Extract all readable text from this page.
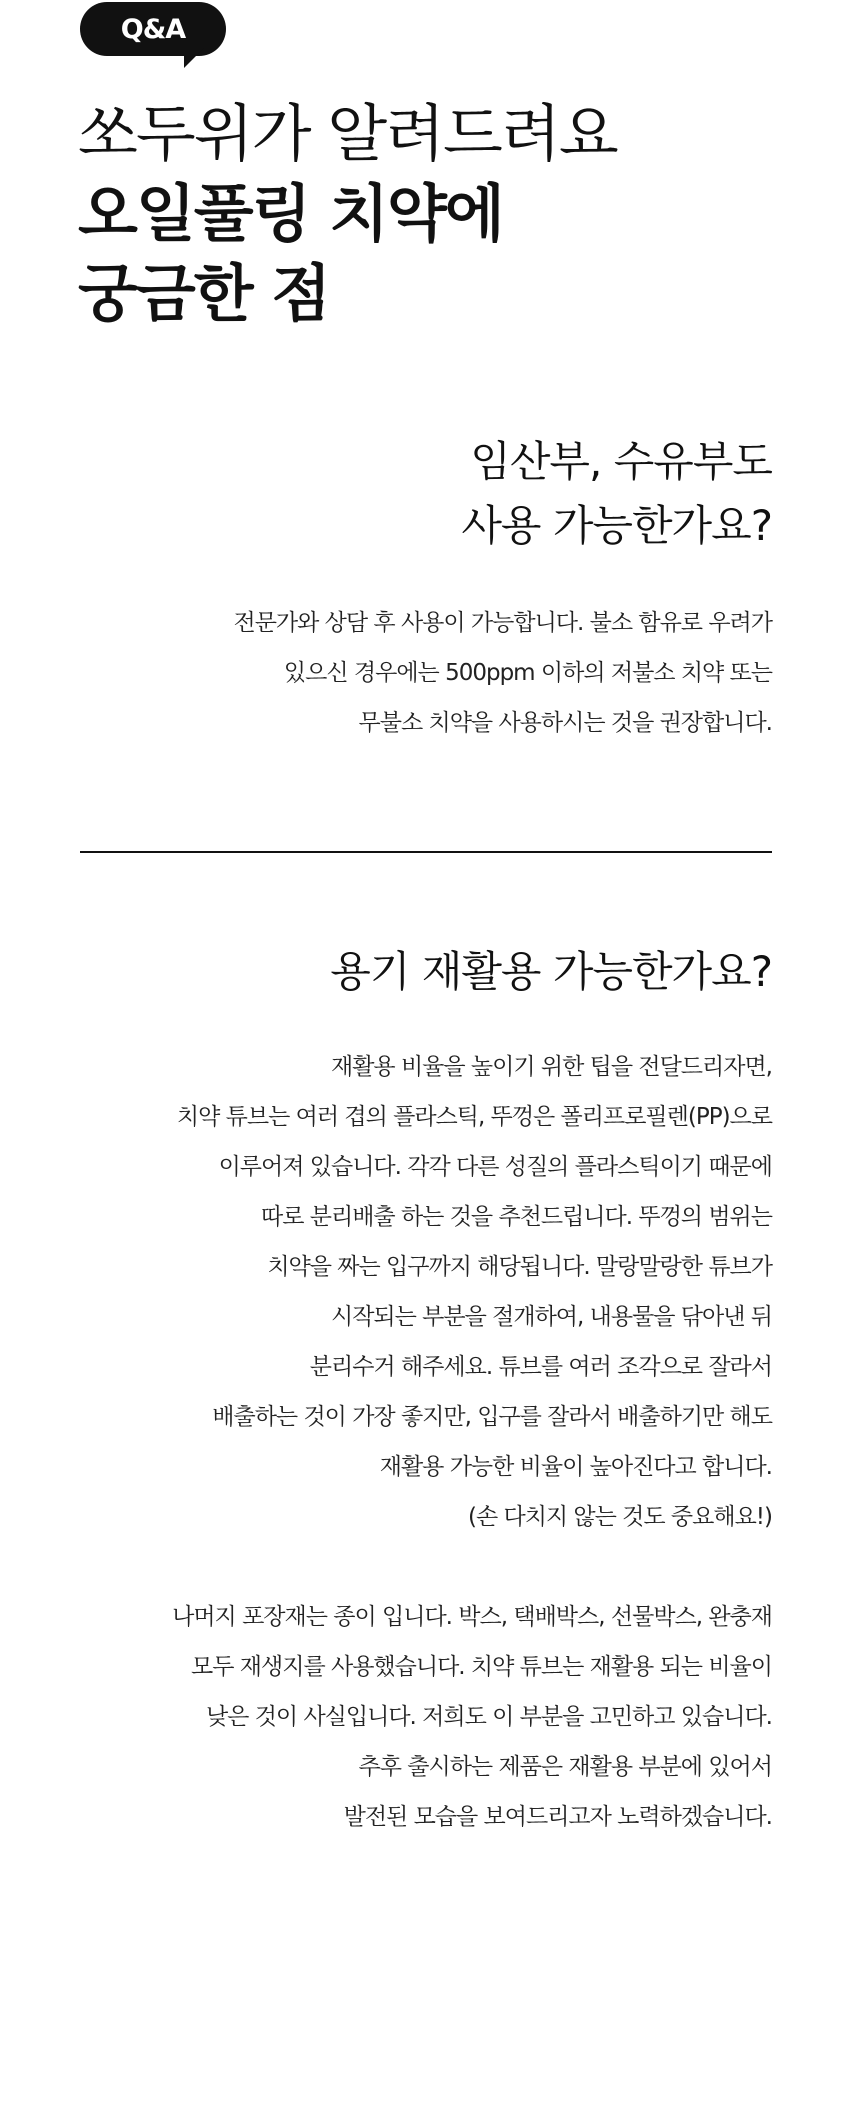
Q&A
쏘두위가 알려드려요
오일풀링 치약에
궁금한 점
임산부, 수유부도
사용 가능한가요?
전문가와 상담 후 사용이 가능합니다. 불소 함유로 우려가
있으신 경우에는 500ppm 이하의 저불소 치약 또는
무불소 치약을 사용하시는 것을 권장합니다.
용기 재활용 가능한가요?
재활용 비율을 높이기 위한 팁을 전달드리자면,
치약 튜브는 여러 겹의 플라스틱, 뚜껑은 폴리프로필렌(PP)으로
이루어져 있습니다. 각각 다른 성질의 플라스틱이기 때문에
따로 분리배출 하는 것을 추천드립니다. 뚜껑의 범위는
치약을 짜는 입구까지 해당됩니다. 말랑말랑한 튜브가
시작되는 부분을 절개하여, 내용물을 닦아낸 뒤
분리수거 해주세요. 튜브를 여러 조각으로 잘라서
배출하는 것이 가장 좋지만, 입구를 잘라서 배출하기만 해도
재활용 가능한 비율이 높아진다고 합니다.
(손 다치지 않는 것도 중요해요!)
나머지 포장재는 종이 입니다. 박스, 택배박스, 선물박스, 완충재
모두 재생지를 사용했습니다. 치약 튜브는 재활용 되는 비율이
낮은 것이 사실입니다. 저희도 이 부분을 고민하고 있습니다.
추후 출시하는 제품은 재활용 부분에 있어서
발전된 모습을 보여드리고자 노력하겠습니다.
